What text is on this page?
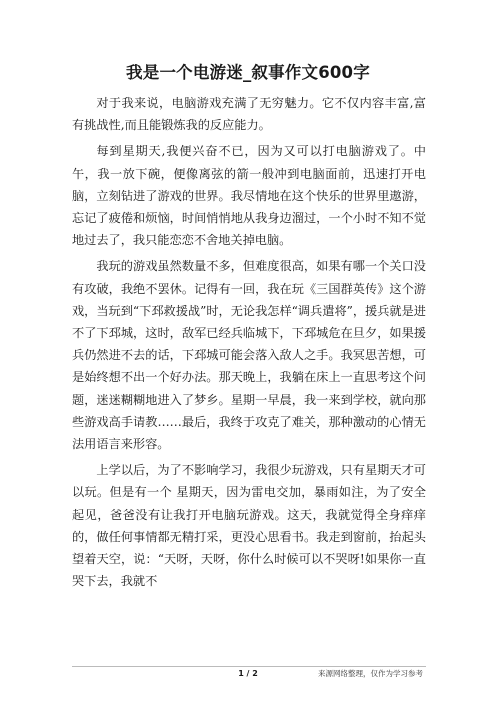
我是一个电游迷_叙事作文600字

对于我来说，电脑游戏充满了无穷魅力。它不仅内容丰富,富有挑战性,而且能锻炼我的反应能力。

每到星期天,我便兴奋不已，因为又可以打电脑游戏了。中午，我一放下碗，便像离弦的箭一般冲到电脑面前，迅速打开电脑，立刻钻进了游戏的世界。我尽情地在这个快乐的世界里遨游，忘记了疲倦和烦恼，时间悄悄地从我身边溜过，一个小时不知不觉地过去了，我只能恋恋不舍地关掉电脑。

我玩的游戏虽然数量不多，但难度很高，如果有哪一个关口没有攻破，我绝不罢休。记得有一回，我在玩《三国群英传》这个游戏，当玩到“下邳救援战”时，无论我怎样“调兵遣将”，援兵就是进不了下邳城，这时，敌军已经兵临城下，下邳城危在旦夕，如果援兵仍然进不去的话，下邳城可能会落入敌人之手。我冥思苦想，可是始终想不出一个好办法。那天晚上，我躺在床上一直思考这个问题，迷迷糊糊地进入了梦乡。星期一早晨，我一来到学校，就向那些游戏高手请教……最后，我终于攻克了难关，那种激动的心情无法用语言来形容。

上学以后，为了不影响学习，我很少玩游戏，只有星期天才可以玩。但是有一个 星期天，因为雷电交加，暴雨如注，为了安全起见，爸爸没有让我打开电脑玩游戏。这天，我就觉得全身痒痒的，做任何事情都无精打采，更没心思看书。我走到窗前，抬起头望着天空，说：“天呀，天呀，你什么时候可以不哭呀!如果你一直哭下去，我就不

1 / 2	来源网络整理，仅作为学习参考
